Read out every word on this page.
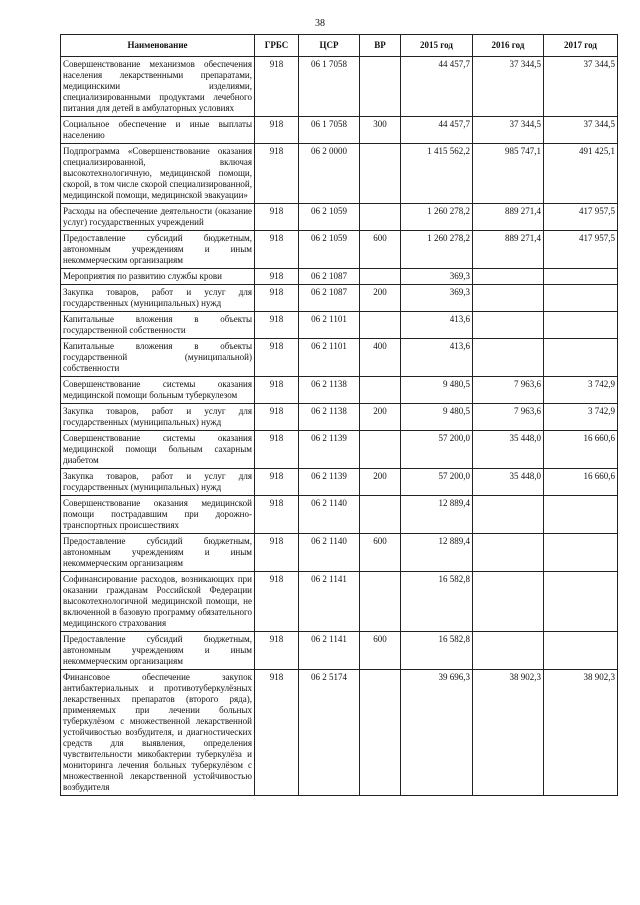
38
Наименование	ГРБС	ЦСР	ВР	2015 год	2016 год	2017 год
Совершенствование механизмов обеспечения населения лекарственными препаратами, медицинскими изделиями, специализированными продуктами лечебного питания для детей в амбулаторных условиях	918	06 1 7058		44 457,7	37 344,5	37 344,5
Социальное обеспечение и иные выплаты населению	918	06 1 7058	300	44 457,7	37 344,5	37 344,5
Подпрограмма «Совершенствование оказания специализированной, включая высокотехнологичную, медицинской помощи, скорой, в том числе скорой специализированной, медицинской помощи, медицинской эвакуации»	918	06 2 0000		1 415 562,2	985 747,1	491 425,1
Расходы на обеспечение деятельности (оказание услуг) государственных учреждений	918	06 2 1059		1 260 278,2	889 271,4	417 957,5
Предоставление субсидий бюджетным, автономным учреждениям и иным некоммерческим организациям	918	06 2 1059	600	1 260 278,2	889 271,4	417 957,5
Мероприятия по развитию службы крови	918	06 2 1087		369,3		
Закупка товаров, работ и услуг для государственных (муниципальных) нужд	918	06 2 1087	200	369,3		
Капитальные вложения в объекты государственной собственности	918	06 2 1101		413,6		
Капитальные вложения в объекты государственной (муниципальной) собственности	918	06 2 1101	400	413,6		
Совершенствование системы оказания медицинской помощи больным туберкулезом	918	06 2 1138		9 480,5	7 963,6	3 742,9
Закупка товаров, работ и услуг для государственных (муниципальных) нужд	918	06 2 1138	200	9 480,5	7 963,6	3 742,9
Совершенствование системы оказания медицинской помощи больным сахарным диабетом	918	06 2 1139		57 200,0	35 448,0	16 660,6
Закупка товаров, работ и услуг для государственных (муниципальных) нужд	918	06 2 1139	200	57 200,0	35 448,0	16 660,6
Совершенствование оказания медицинской помощи пострадавшим при дорожно-транспортных происшествиях	918	06 2 1140		12 889,4		
Предоставление субсидий бюджетным, автономным учреждениям и иным некоммерческим организациям	918	06 2 1140	600	12 889,4		
Софинансирование расходов, возникающих при оказании гражданам Российской Федерации высокотехнологичной медицинской помощи, не включенной в базовую программу обязательного медицинского страхования	918	06 2 1141		16 582,8		
Предоставление субсидий бюджетным, автономным учреждениям и иным некоммерческим организациям	918	06 2 1141	600	16 582,8		
Финансовое обеспечение закупок антибактериальных и противотуберкулёзных лекарственных препаратов (второго ряда), применяемых при лечении больных туберкулёзом с множественной лекарственной устойчивостью возбудителя, и диагностических средств для выявления, определения чувствительности микобактерии туберкулёза и мониторинга лечения больных туберкулёзом с множественной лекарственной устойчивостью возбудителя	918	06 2 5174		39 696,3	38 902,3	38 902,3
